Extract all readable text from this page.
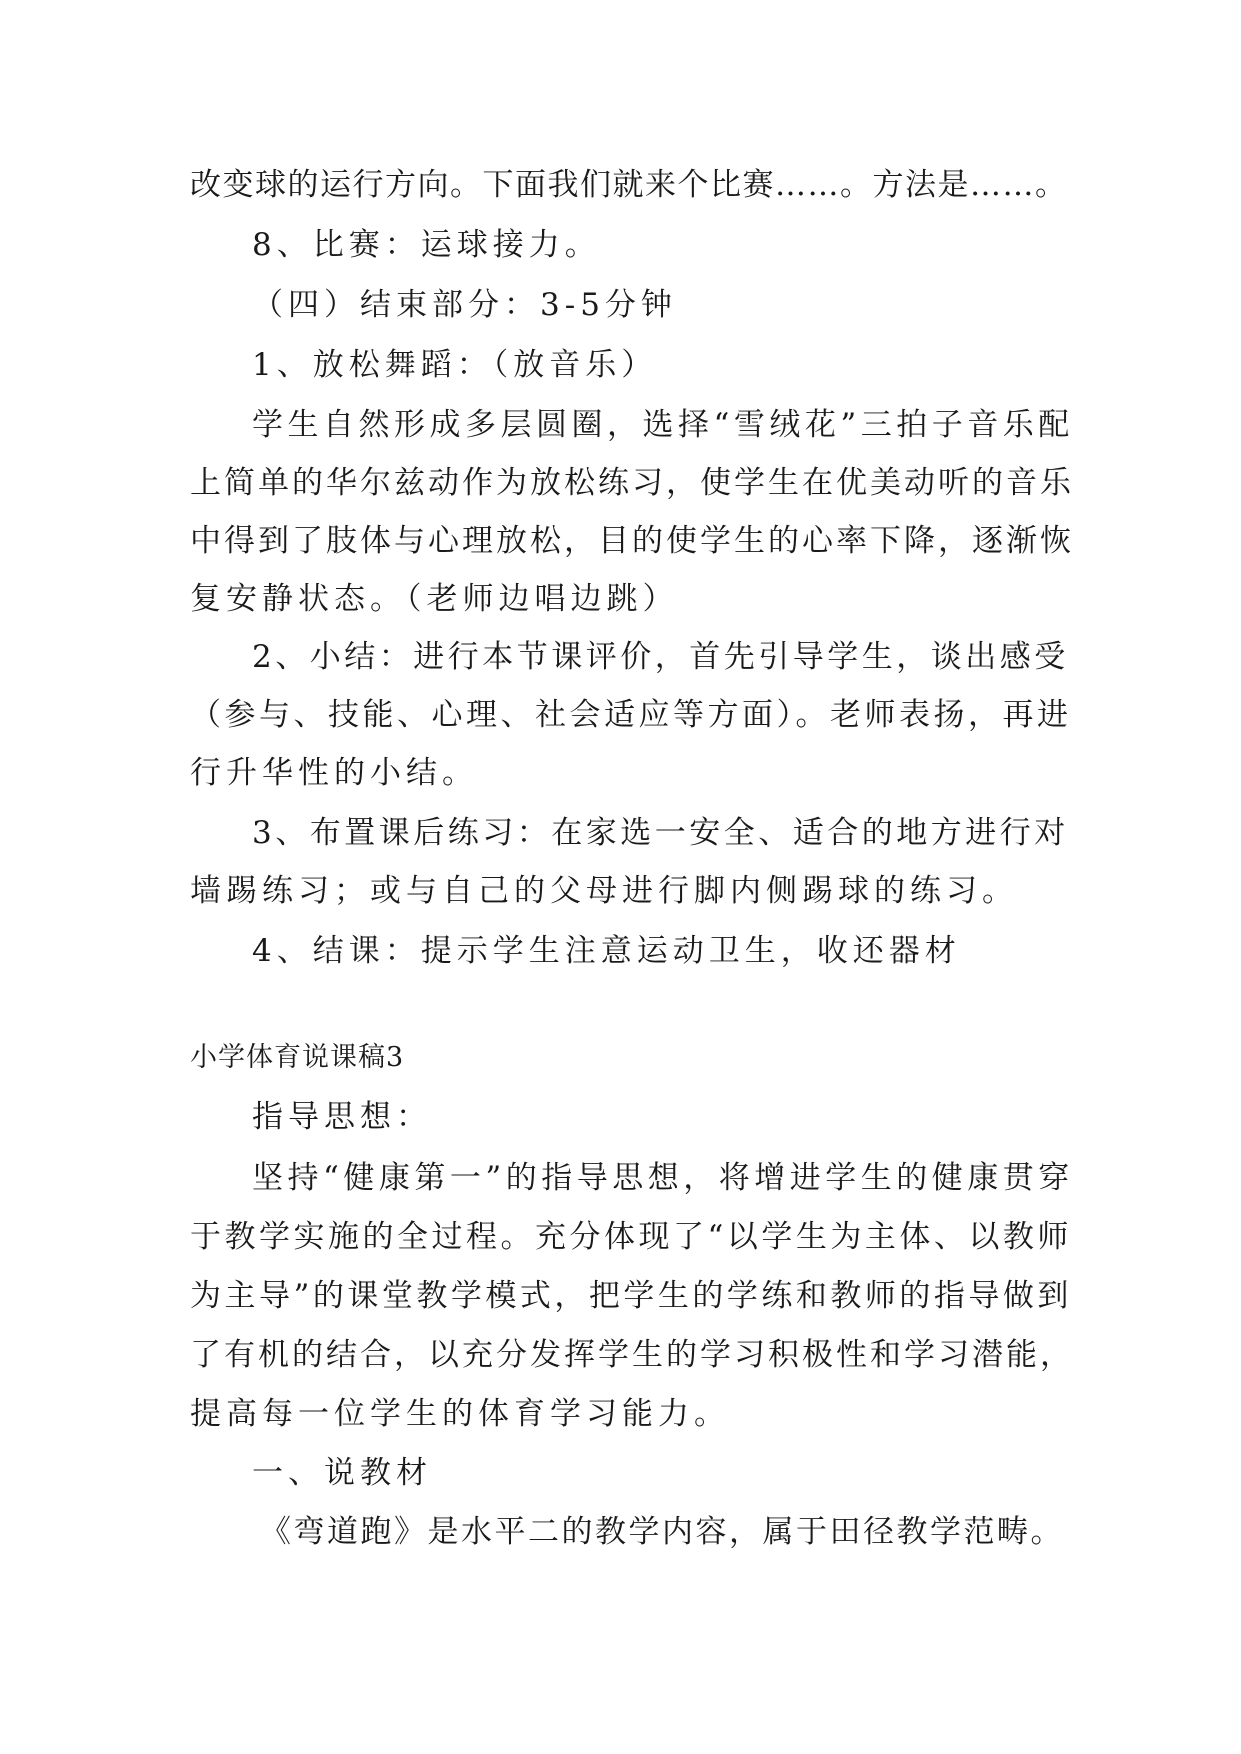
改变球的运行方向。下面我们就来个比赛……。方法是……。
8、比赛：运球接力。
（四）结束部分：3-5分钟
1、放松舞蹈：（放音乐）
学生自然形成多层圆圈，选择“雪绒花”三拍子音乐配
上简单的华尔兹动作为放松练习，使学生在优美动听的音乐
中得到了肢体与心理放松，目的使学生的心率下降，逐渐恢
复安静状态。（老师边唱边跳）
2、小结：进行本节课评价，首先引导学生，谈出感受
（参与、技能、心理、社会适应等方面）。老师表扬，再进
行升华性的小结。
3、布置课后练习：在家选一安全、适合的地方进行对
墙踢练习；或与自己的父母进行脚内侧踢球的练习。
4、结课：提示学生注意运动卫生，收还器材
小学体育说课稿3
指导思想：
坚持“健康第一”的指导思想，将增进学生的健康贯穿
于教学实施的全过程。充分体现了“以学生为主体、以教师
为主导”的课堂教学模式，把学生的学练和教师的指导做到
了有机的结合，以充分发挥学生的学习积极性和学习潜能，
提高每一位学生的体育学习能力。
一、说教材
《弯道跑》是水平二的教学内容，属于田径教学范畴。
